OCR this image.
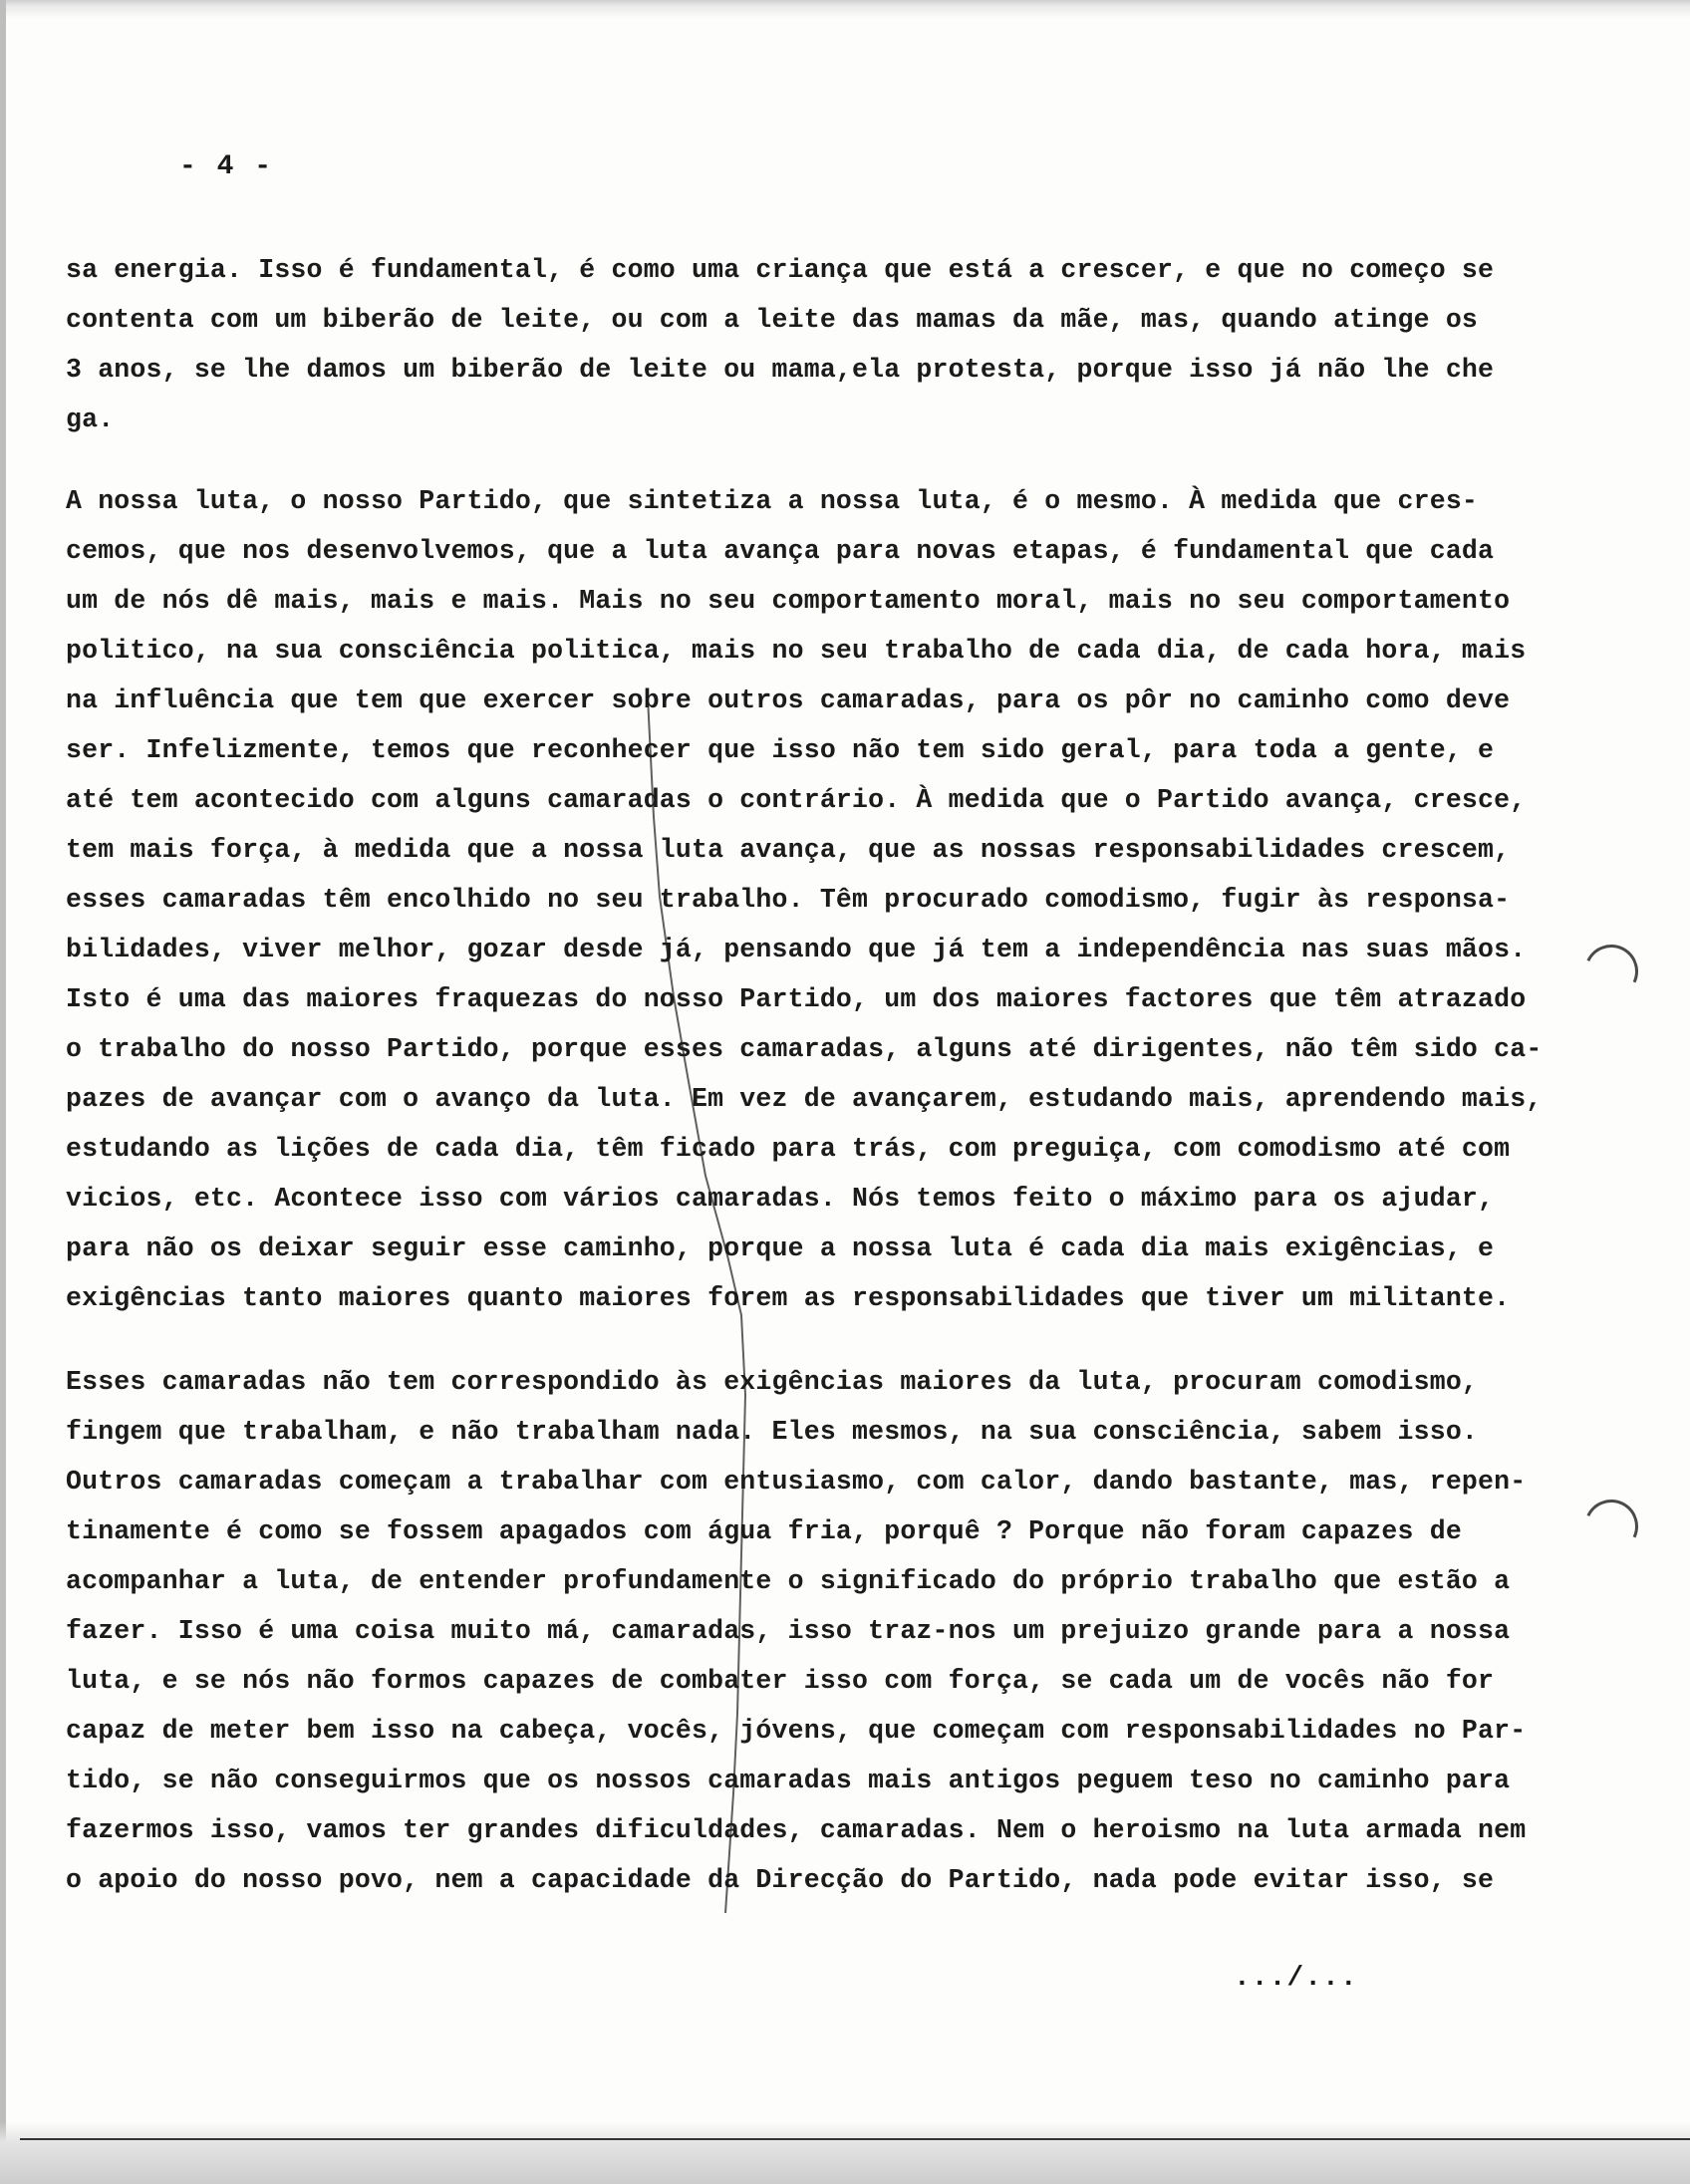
- 4 -
sa energia. Isso é fundamental, é como uma criança que está a crescer, e que no começo se
contenta com um biberão de leite, ou com a leite das mamas da mãe, mas, quando atinge os
3 anos, se lhe damos um biberão de leite ou mama,ela protesta, porque isso já não lhe che
ga.
A nossa luta, o nosso Partido, que sintetiza a nossa luta, é o mesmo. À medida que cres-
cemos, que nos desenvolvemos, que a luta avança para novas etapas, é fundamental que cada
um de nós dê mais, mais e mais. Mais no seu comportamento moral, mais no seu comportamento
politico, na sua consciência politica, mais no seu trabalho de cada dia, de cada hora, mais
na influência que tem que exercer sobre outros camaradas, para os pôr no caminho como deve
ser. Infelizmente, temos que reconhecer que isso não tem sido geral, para toda a gente, e
até tem acontecido com alguns camaradas o contrário. À medida que o Partido avança, cresce,
tem mais força, à medida que a nossa luta avança, que as nossas responsabilidades crescem,
esses camaradas têm encolhido no seu trabalho. Têm procurado comodismo, fugir às responsa-
bilidades, viver melhor, gozar desde já, pensando que já tem a independência nas suas mãos.
Isto é uma das maiores fraquezas do nosso Partido, um dos maiores factores que têm atrazado
o trabalho do nosso Partido, porque esses camaradas, alguns até dirigentes, não têm sido ca-
pazes de avançar com o avanço da luta. Em vez de avançarem, estudando mais, aprendendo mais,
estudando as lições de cada dia, têm ficado para trás, com preguiça, com comodismo até com
vicios, etc. Acontece isso com vários camaradas. Nós temos feito o máximo para os ajudar,
para não os deixar seguir esse caminho, porque a nossa luta é cada dia mais exigências, e
exigências tanto maiores quanto maiores forem as responsabilidades que tiver um militante.
Esses camaradas não tem correspondido às exigências maiores da luta, procuram comodismo,
fingem que trabalham, e não trabalham nada. Eles mesmos, na sua consciência, sabem isso.
Outros camaradas começam a trabalhar com entusiasmo, com calor, dando bastante, mas, repen-
tinamente é como se fossem apagados com água fria, porquê ? Porque não foram capazes de
acompanhar a luta, de entender profundamente o significado do próprio trabalho que estão a
fazer. Isso é uma coisa muito má, camaradas, isso traz-nos um prejuizo grande para a nossa
luta, e se nós não formos capazes de combater isso com força, se cada um de vocês não for
capaz de meter bem isso na cabeça, vocês, jóvens, que começam com responsabilidades no Par-
tido, se não conseguirmos que os nossos camaradas mais antigos peguem teso no caminho para
fazermos isso, vamos ter grandes dificuldades, camaradas. Nem o heroismo na luta armada nem
o apoio do nosso povo, nem a capacidade da Direcção do Partido, nada pode evitar isso, se
.../...
